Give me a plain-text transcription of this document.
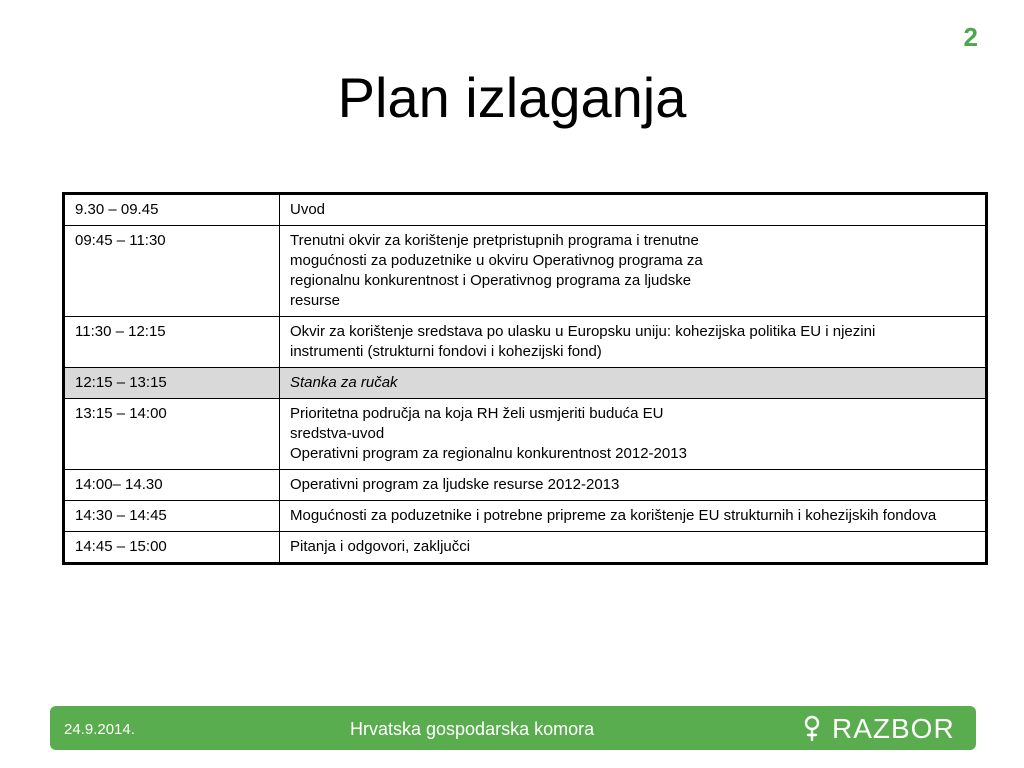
2
Plan izlaganja
9.30 – 09.45	Uvod

09:45 – 11:30	Trenutni okvir za korištenje pretpristupnih programa i trenutne
mogućnosti za poduzetnike u okviru Operativnog programa za
regionalnu konkurentnost i Operativnog programa za ljudske
resurse

11:30 – 12:15	Okvir za korištenje sredstava po ulasku u Europsku uniju: kohezijska politika EU i njezini
instrumenti (strukturni fondovi i kohezijski fond)

12:15 – 13:15	Stanka za ručak

13:15 – 14:00	Prioritetna područja na koja RH želi usmjeriti buduća EU
sredstva-uvod
Operativni program za regionalnu konkurentnost 2012-2013

14:00– 14.30	Operativni program za ljudske resurse 2012-2013

14:30 – 14:45	Mogućnosti za poduzetnike i potrebne pripreme za korištenje EU strukturnih i kohezijskih fondova
14:45 – 15:00	Pitanja i odgovori, zaključci
24.9.2014.	Hrvatska gospodarska komora	RAZBOR
